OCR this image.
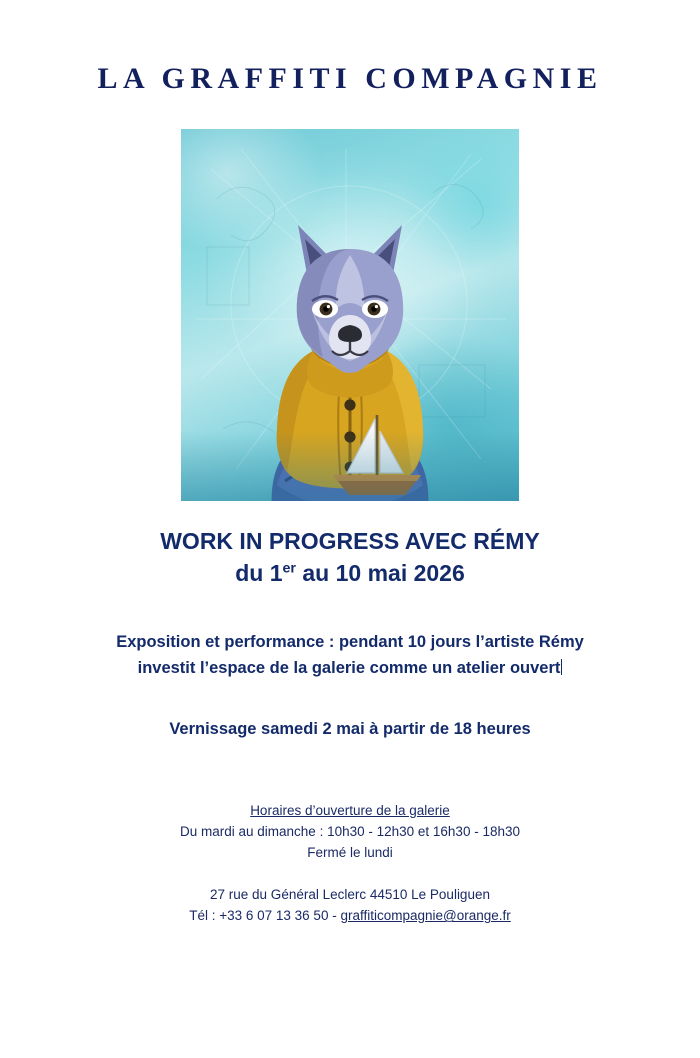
LA GRAFFITI COMPAGNIE
WORK IN PROGRESS AVEC RÉMY
du 1er au 10 mai 2026
Exposition et performance : pendant 10 jours l’artiste Rémy
investit l’espace de la galerie comme un atelier ouvert
Vernissage samedi 2 mai à partir de 18 heures
Horaires d’ouverture de la galerie
Du mardi au dimanche : 10h30 - 12h30 et 16h30 - 18h30
Fermé le lundi
27 rue du Général Leclerc 44510 Le Pouliguen
Tél : +33 6 07 13 36 50 - graffiticompagnie@orange.fr
